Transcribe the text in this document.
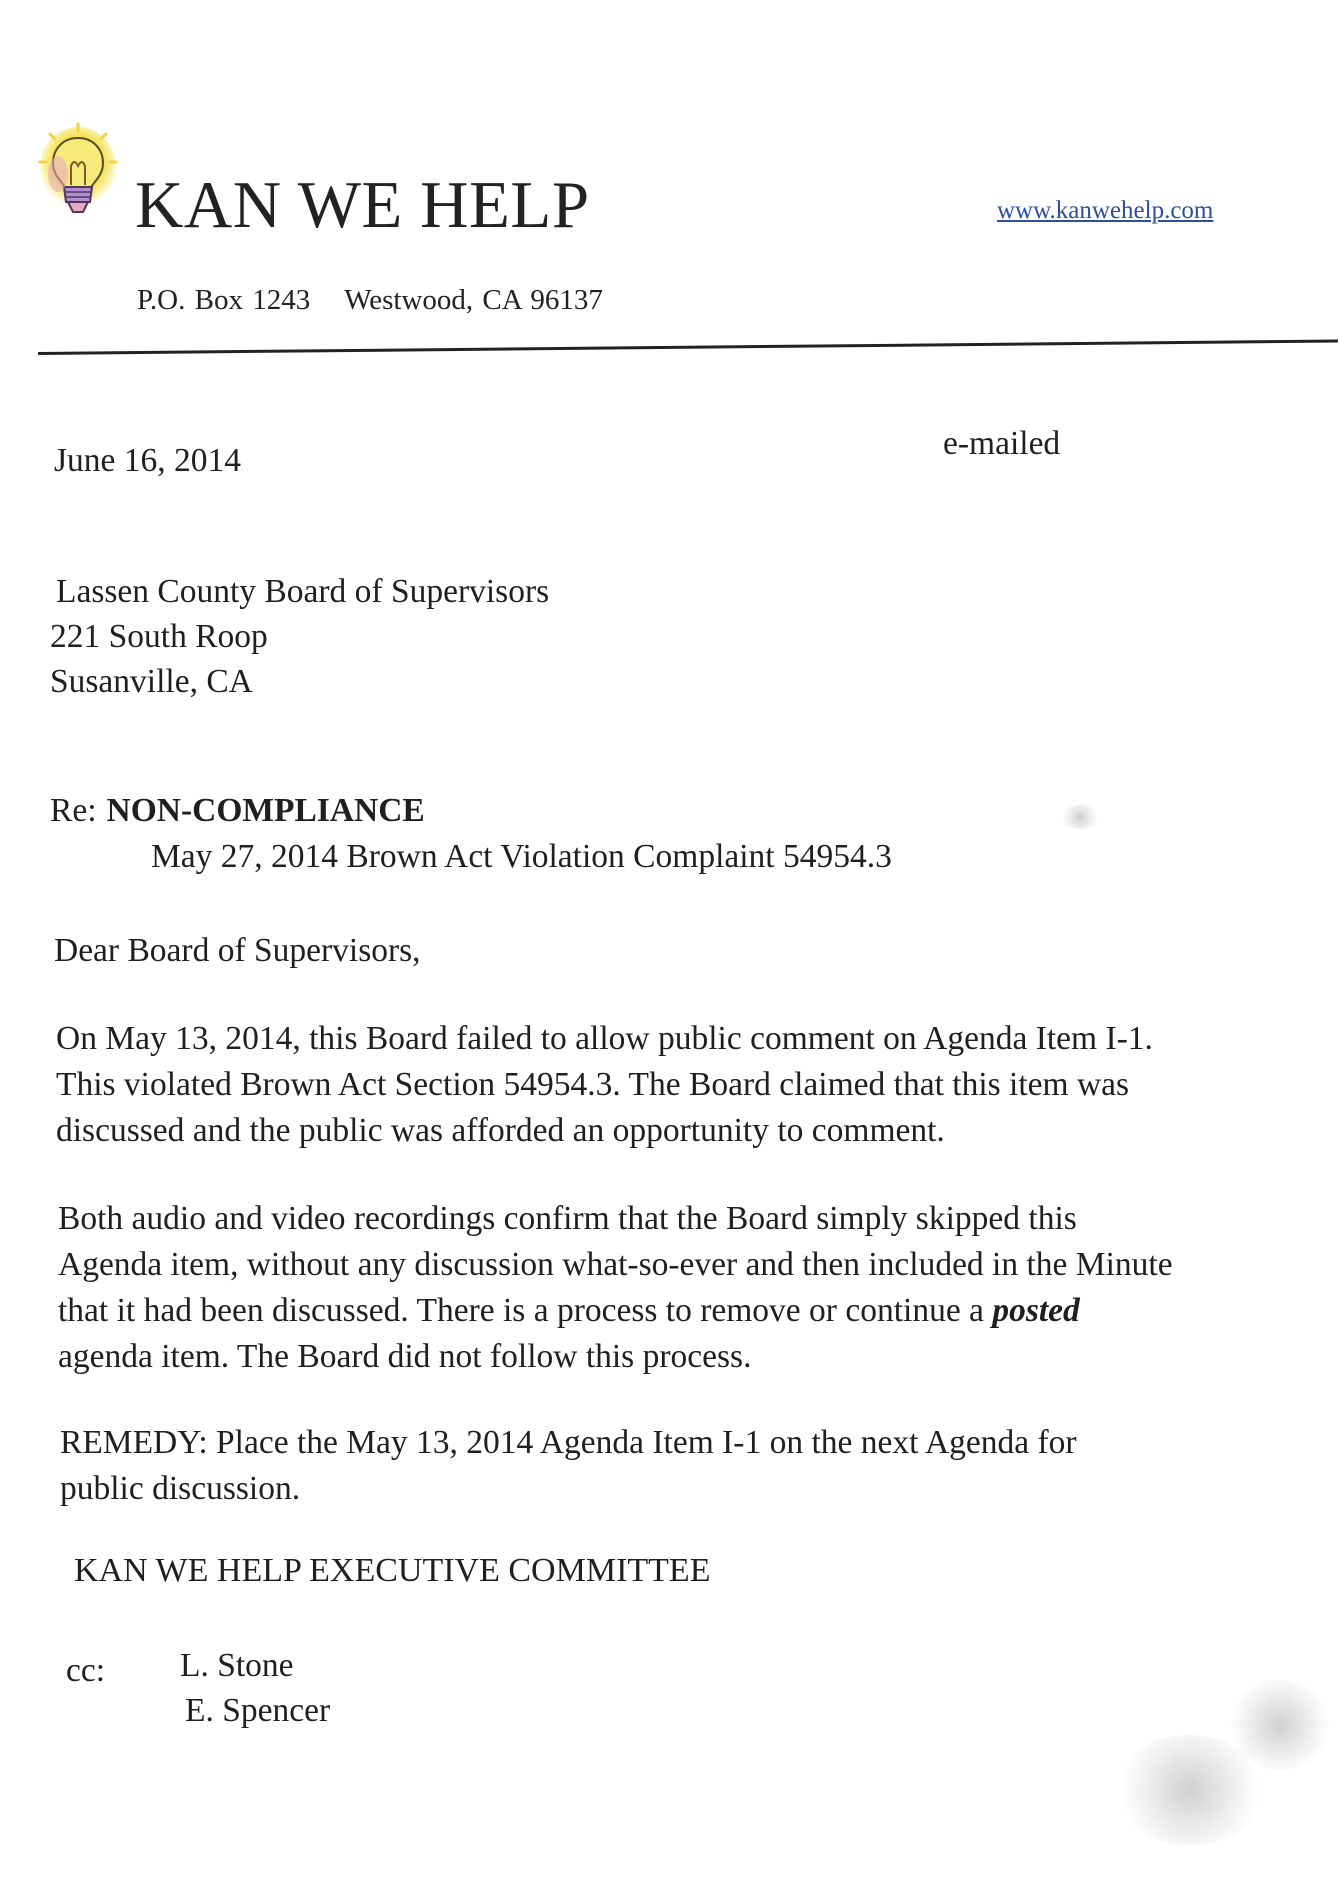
KAN WE HELP	www.kanwehelp.com
P.O. Box 1243 Westwood, CA 96137
June 16, 2014	e-mailed
Lassen County Board of Supervisors
221 South Roop
Susanville, CA
Re: NON-COMPLIANCE
May 27, 2014 Brown Act Violation Complaint 54954.3
Dear Board of Supervisors,
On May 13, 2014, this Board failed to allow public comment on Agenda Item I-1.
This violated Brown Act Section 54954.3. The Board claimed that this item was
discussed and the public was afforded an opportunity to comment.
Both audio and video recordings confirm that the Board simply skipped this
Agenda item, without any discussion what-so-ever and then included in the Minute
that it had been discussed. There is a process to remove or continue a posted
agenda item. The Board did not follow this process.
REMEDY: Place the May 13, 2014 Agenda Item I-1 on the next Agenda for
public discussion.
KAN WE HELP EXECUTIVE COMMITTEE
cc: L. Stone
E. Spencer
